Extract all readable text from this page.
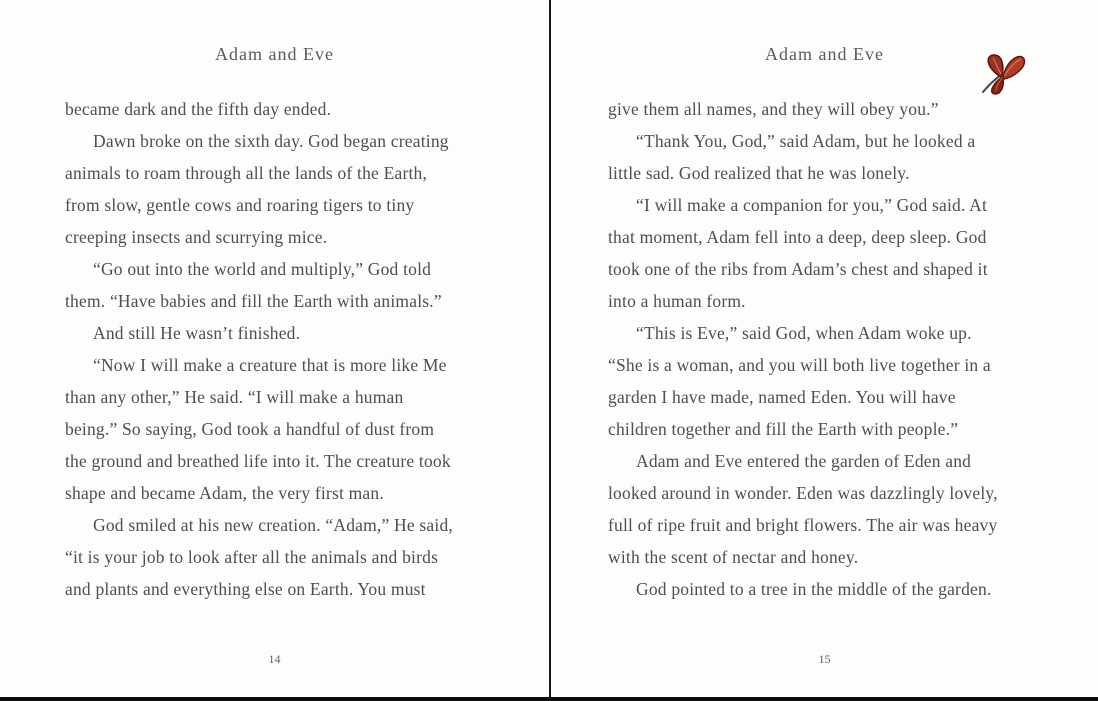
Adam and Eve
became dark and the fifth day ended.
Dawn broke on the sixth day. God began creating
animals to roam through all the lands of the Earth,
from slow, gentle cows and roaring tigers to tiny
creeping insects and scurrying mice.
“Go out into the world and multiply,” God told
them. “Have babies and fill the Earth with animals.”
And still He wasn’t finished.
“Now I will make a creature that is more like Me
than any other,” He said. “I will make a human
being.” So saying, God took a handful of dust from
the ground and breathed life into it. The creature took
shape and became Adam, the very first man.
God smiled at his new creation. “Adam,” He said,
“it is your job to look after all the animals and birds
and plants and everything else on Earth. You must
14
Adam and Eve
give them all names, and they will obey you.”
“Thank You, God,” said Adam, but he looked a
little sad. God realized that he was lonely.
“I will make a companion for you,” God said. At
that moment, Adam fell into a deep, deep sleep. God
took one of the ribs from Adam’s chest and shaped it
into a human form.
“This is Eve,” said God, when Adam woke up.
“She is a woman, and you will both live together in a
garden I have made, named Eden. You will have
children together and fill the Earth with people.”
Adam and Eve entered the garden of Eden and
looked around in wonder. Eden was dazzlingly lovely,
full of ripe fruit and bright flowers. The air was heavy
with the scent of nectar and honey.
God pointed to a tree in the middle of the garden.
15
